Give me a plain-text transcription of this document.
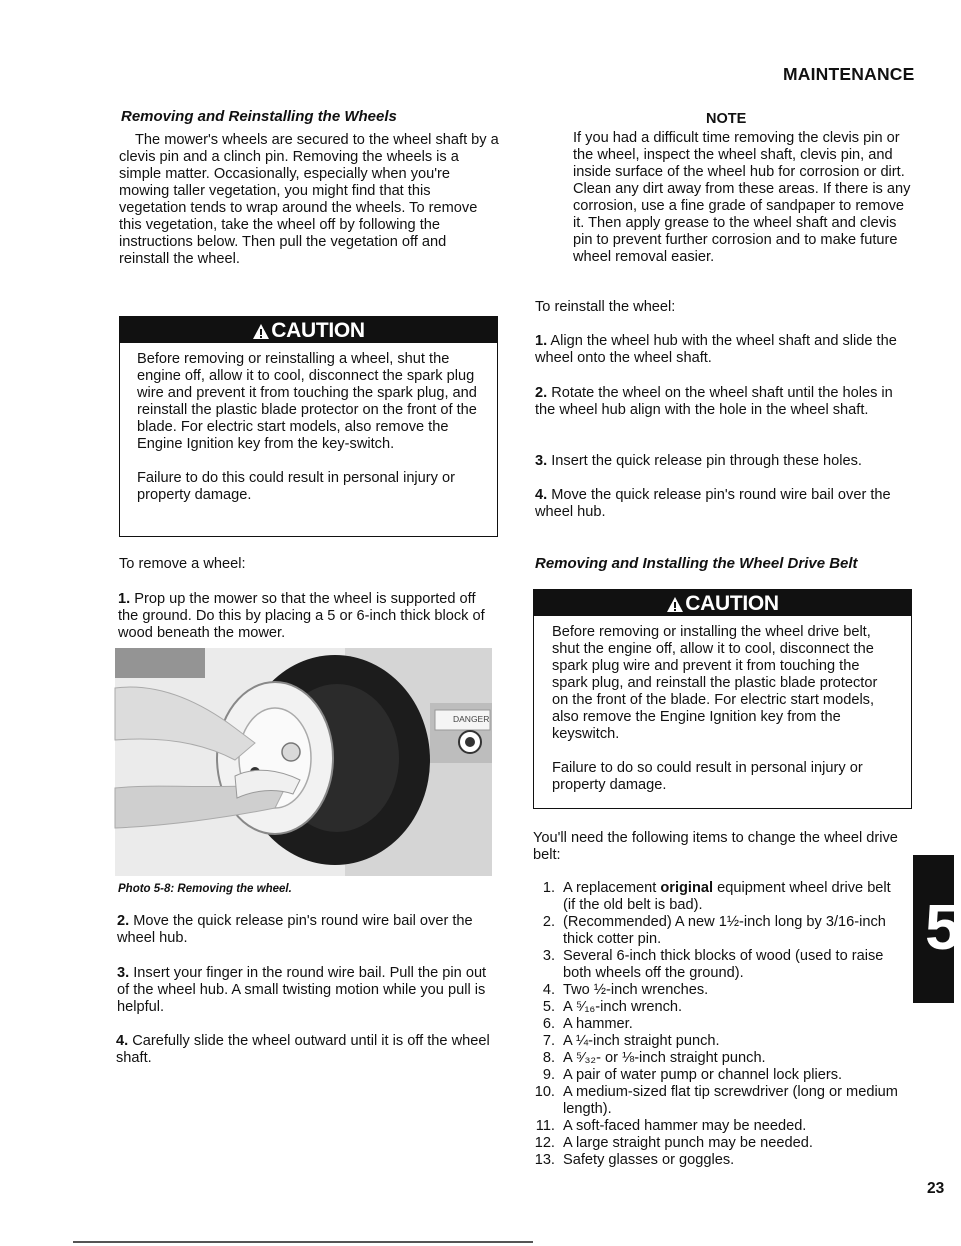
MAINTENANCE

Removing and Reinstalling the Wheels

The mower's wheels are secured to the wheel shaft by a clevis pin and a clinch pin. Removing the wheels is a simple matter. Occasionally, especially when you're mowing taller vegetation, you might find that this vegetation tends to wrap around the wheels. To remove this vegetation, take the wheel off by following the instructions below. Then pull the vegetation off and reinstall the wheel.

CAUTION

Before removing or reinstalling a wheel, shut the engine off, allow it to cool, disconnect the spark plug wire and prevent it from touching the spark plug, and reinstall the plastic blade protector on the front of the blade. For electric start models, also remove the Engine Ignition key from the key-switch.

Failure to do this could result in personal injury or property damage.

To remove a wheel:

1. Prop up the mower so that the wheel is supported off the ground. Do this by placing a 5 or 6-inch thick block of wood beneath the mower.

DANGER
Photo 5-8: Removing the wheel.

2. Move the quick release pin's round wire bail over the wheel hub.

3. Insert your finger in the round wire bail. Pull the pin out of the wheel hub. A small twisting motion while you pull is helpful.

4. Carefully slide the wheel outward until it is off the wheel shaft.

NOTE

If you had a difficult time removing the clevis pin or the wheel, inspect the wheel shaft, clevis pin, and inside surface of the wheel hub for corrosion or dirt. Clean any dirt away from these areas. If there is any corrosion, use a fine grade of sandpaper to remove it. Then apply grease to the wheel shaft and clevis pin to prevent further corrosion and to make future wheel removal easier.

To reinstall the wheel:

1. Align the wheel hub with the wheel shaft and slide the wheel onto the wheel shaft.

2. Rotate the wheel on the wheel shaft until the holes in the wheel hub align with the hole in the wheel shaft.

3. Insert the quick release pin through these holes.

4. Move the quick release pin's round wire bail over the wheel hub.

Removing and Installing the Wheel Drive Belt

CAUTION

Before removing or installing the wheel drive belt, shut the engine off, allow it to cool, disconnect the spark plug wire and prevent it from touching the spark plug, and reinstall the plastic blade protector on the front of the blade. For electric start models, also remove the Engine Ignition key from the keyswitch.

Failure to do so could result in personal injury or property damage.

You'll need the following items to change the wheel drive belt:

1. A replacement original equipment wheel drive belt (if the old belt is bad).
2. (Recommended) A new 1½-inch long by 3/16-inch thick cotter pin.
3. Several 6-inch thick blocks of wood (used to raise both wheels off the ground).
4. Two ½-inch wrenches.
5. A ⁵⁄₁₆-inch wrench.
6. A hammer.
7. A ¼-inch straight punch.
8. A ⁵⁄₃₂- or ⅛-inch straight punch.
9. A pair of water pump or channel lock pliers.
10. A medium-sized flat tip screwdriver (long or medium length).
11. A soft-faced hammer may be needed.
12. A large straight punch may be needed.
13. Safety glasses or goggles.
5
23
